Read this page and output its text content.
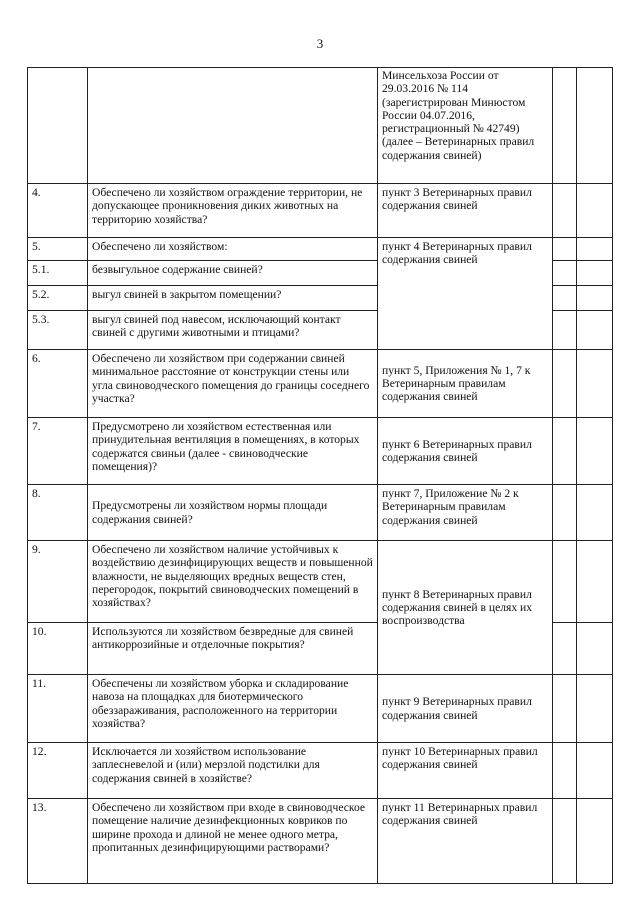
3
		Минсельхоза России от 29.03.2016 № 114 (зарегистрирован Минюстом России 04.07.2016, регистрационный № 42749) (далее – Ветеринарных правил содержания свиней)		
4.	Обеспечено ли хозяйством ограждение территории, не допускающее проникновения диких животных на территорию хозяйства?	пункт 3 Ветеринарных правил содержания свиней		
5.	Обеспечено ли хозяйством:	пункт 4 Ветеринарных правил содержания свиней		
5.1.	безвыгульное содержание свиней?			
5.2.	выгул свиней в закрытом помещении?			
5.3.	выгул свиней под навесом, исключающий контакт свиней с другими животными и птицами?			
6.	Обеспечено ли хозяйством при содержании свиней минимальное расстояние от конструкции стены или угла свиноводческого помещения до границы соседнего участка?	пункт 5, Приложения № 1, 7 к Ветеринарным правилам содержания свиней		
7.	Предусмотрено ли хозяйством естественная или принудительная вентиляция в помещениях, в которых содержатся свиньи (далее - свиноводческие помещения)?	пункт 6 Ветеринарных правил содержания свиней		
8.	Предусмотрены ли хозяйством нормы площади содержания свиней?	пункт 7, Приложение № 2 к Ветеринарным правилам содержания свиней		
9.	Обеспечено ли хозяйством наличие устойчивых к воздействию дезинфицирующих веществ и повышенной влажности, не выделяющих вредных веществ стен, перегородок, покрытий свиноводческих помещений в хозяйствах?	пункт 8 Ветеринарных правил содержания свиней в целях их воспроизводства		
10.	Используются ли хозяйством безвредные для свиней антикоррозийные и отделочные покрытия?			
11.	Обеспечены ли хозяйством уборка и складирование навоза на площадках для биотермического обеззараживания, расположенного на территории хозяйства?	пункт 9 Ветеринарных правил содержания свиней		
12.	Исключается ли хозяйством использование заплесневелой и (или) мерзлой подстилки для содержания свиней в хозяйстве?	пункт 10 Ветеринарных правил содержания свиней		
13.	Обеспечено ли хозяйством при входе в свиноводческое помещение наличие дезинфекционных ковриков по ширине прохода и длиной не менее одного метра, пропитанных дезинфицирующими растворами?	пункт 11 Ветеринарных правил содержания свиней		
